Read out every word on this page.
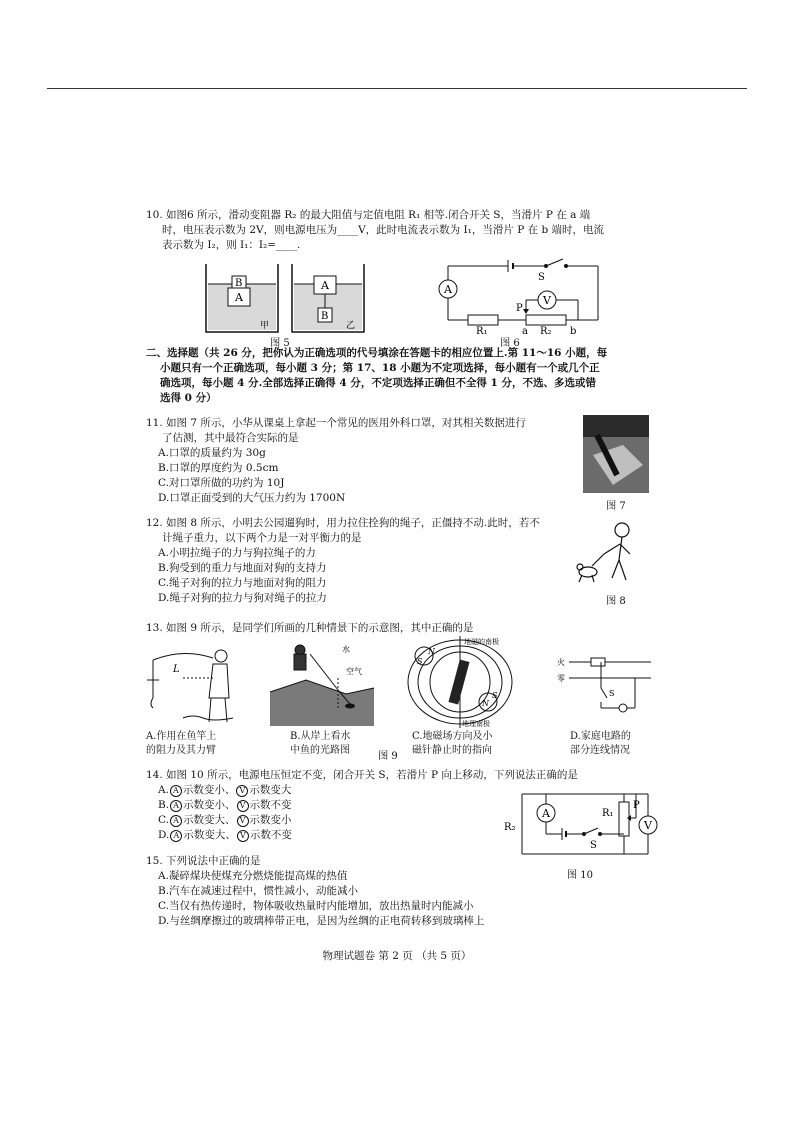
10. 如图6 所示，滑动变阻器 R₂ 的最大阻值与定值电阻 R₁ 相等.闭合开关 S，当滑片 P 在 a 端
时，电压表示数为 2V，则电源电压为____V，此时电流表示数为 I₁，当滑片 P 在 b 端时，电流
表示数为 I₂，则 I₁：I₂=____.
B
A
甲
A
B
乙
图 5
A
V
S
P
R₁	R₂
a	b
图 6
二、选择题（共 26 分，把你认为正确选项的代号填涂在答题卡的相应位置上.第 11～16 小题，每
小题只有一个正确选项，每小题 3 分；第 17、18 小题为不定项选择，每小题有一个或几个正
确选项，每小题 4 分.全部选择正确得 4 分，不定项选择正确但不全得 1 分，不选、多选或错
选得 0 分）
11. 如图 7 所示，小华从课桌上拿起一个常见的医用外科口罩，对其相关数据进行
了估测，其中最符合实际的是
A.口罩的质量约为 30g
B.口罩的厚度约为 0.5cm
C.对口罩所做的功约为 10J
D.口罩正面受到的大气压力约为 1700N
图 7
12. 如图 8 所示，小明去公园遛狗时，用力拉住拴狗的绳子，正僵持不动.此时，若不
计绳子重力，以下两个力是一对平衡力的是
A.小明拉绳子的力与狗拉绳子的力
B.狗受到的重力与地面对狗的支持力
C.绳子对狗的拉力与地面对狗的阻力
D.绳子对狗的拉力与狗对绳子的拉力	图 8
13. 如图 9 所示，是同学们所画的几种情景下的示意图，其中正确的是
L
水
空气
地磁的南极
地理南极
N
S
N
S
火
零
S
A.作用在鱼竿上
的阻力及其力臂
B.从岸上看水
中鱼的光路图
图 9
C.地磁场方向及小
磁针静止时的指向
D.家庭电路的
部分连线情况
14. 如图 10 所示，电源电压恒定不变，闭合开关 S，若滑片 P 向上移动，下列说法正确的是
A. A 示数变小、 V 示数变大
B. A 示数变小、 V 示数不变
C. A 示数变大、 V 示数变小
D. A 示数变大、 V 示数不变
A
V
R₂
R₁
P
S
图 10
15. 下列说法中正确的是
A.凝碎煤块使煤充分燃烧能提高煤的热值
B.汽车在减速过程中，惯性减小，动能减小
C.当仅有热传递时，物体吸收热量时内能增加，放出热量时内能减小
D.与丝绸摩擦过的玻璃棒带正电，是因为丝绸的正电荷转移到玻璃棒上
物理试题卷 第 2 页 （共 5 页）
